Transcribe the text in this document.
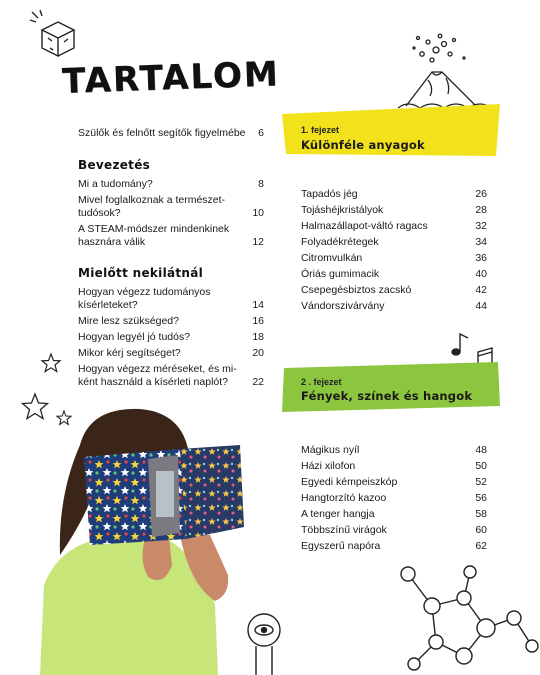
TARTALOM
Szülők és felnőtt segítők figyelmébe	6
Bevezetés
Mi a tudomány?	8
Mivel foglalkoznak a természet-
tudósok?	10
A STEAM-módszer mindenkinek
hasznára válik	12
Mielőtt nekilátnál
Hogyan végezz tudományos
kísérleteket?	14
Mire lesz szükséged?	16
Hogyan legyél jó tudós?	18
Mikor kérj segítséget?	20
Hogyan végezz méréseket, és mi-
ként használd a kísérleti naplót?	22
1. fejezet
Különféle anyagok
Tapadós jég	26
Tojáshéjkristályok	28
Halmazállapot-váltó ragacs	32
Folyadékrétegek	34
Citromvulkán	36
Óriás gumimacik	40
Csepegésbiztos zacskó	42
Vándorszivárvány	44
2 . fejezet
Fények, színek és hangok
Mágikus nyíl	48
Házi xilofon	50
Egyedi kémpeiszkóp	52
Hangtorzító kazoo	56
A tenger hangja	58
Többszínű virágok	60
Egyszerű napóra	62
